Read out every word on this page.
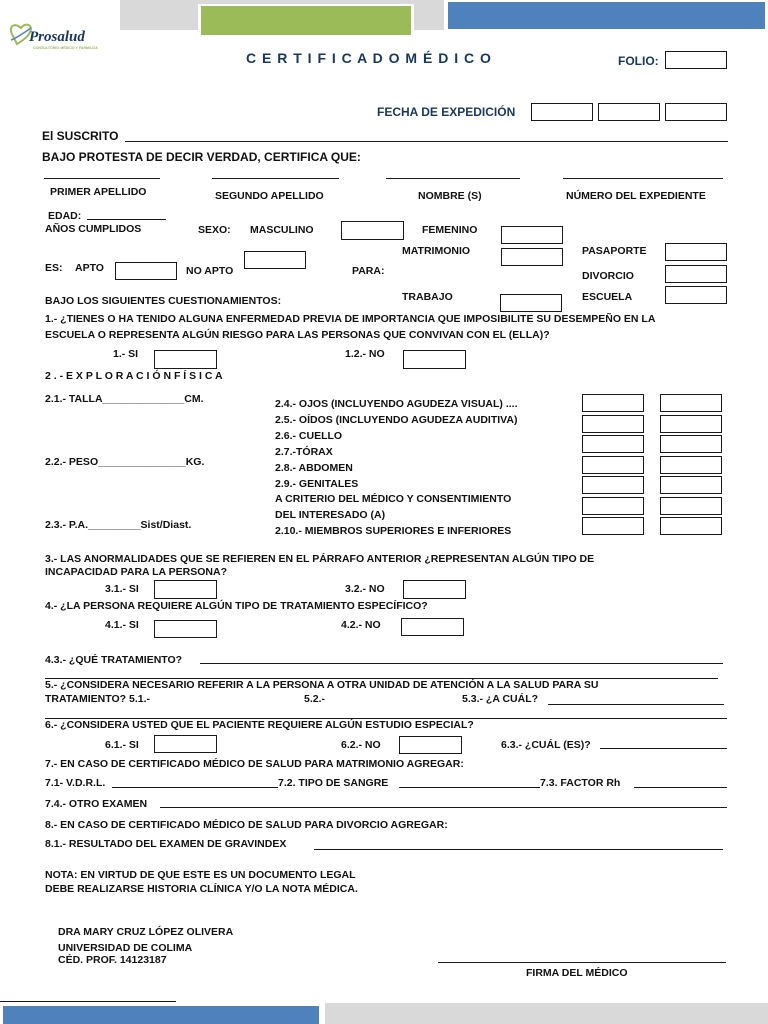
Prosalud
CONSULTORIO MÉDICO Y FARMACIA
C E R T I F I C A D O M É D I C O	FOLIO:
FECHA DE EXPEDICIÓN
El SUSCRITO
BAJO PROTESTA DE DECIR VERDAD, CERTIFICA QUE:
PRIMER APELLIDO	SEGUNDO APELLIDO	NOMBRE (S)	NÚMERO DEL EXPEDIENTE
EDAD:
AÑOS CUMPLIDOS	SEXO: MASCULINO	FEMENINO
ES: APTO	NO APTO	PARA:
MATRIMONIO
TRABAJO
PASAPORTE
DIVORCIO
ESCUELA
BAJO LOS SIGUIENTES CUESTIONAMIENTOS:
1.- ¿TIENES O HA TENIDO ALGUNA ENFERMEDAD PREVIA DE IMPORTANCIA QUE IMPOSIBILITE SU DESEMPEÑO EN LA
ESCUELA O REPRESENTA ALGÚN RIESGO PARA LAS PERSONAS QUE CONVIVAN CON EL (ELLA)?
1.- SI	1.2.- NO
2 . - E X P L O R A C I Ó N F Í S I C A
2.1.- TALLA______________CM.
2.2.- PESO_______________KG.
2.3.- P.A._________Sist/Diast.
2.4.- OJOS (INCLUYENDO AGUDEZA VISUAL) ....
2.5.- OÍDOS (INCLUYENDO AGUDEZA AUDITIVA)
2.6.- CUELLO
2.7.-TÓRAX
2.8.- ABDOMEN
2.9.- GENITALES
A CRITERIO DEL MÉDICO Y CONSENTIMIENTO
DEL INTERESADO (A)
2.10.- MIEMBROS SUPERIORES E INFERIORES
3.- LAS ANORMALIDADES QUE SE REFIEREN EN EL PÁRRAFO ANTERIOR ¿REPRESENTAN ALGÚN TIPO DE
INCAPACIDAD PARA LA PERSONA?
3.1.- SI	3.2.- NO
4.- ¿LA PERSONA REQUIERE ALGÚN TIPO DE TRATAMIENTO ESPECÍFICO?
4.1.- SI	4.2.- NO
4.3.- ¿QUÉ TRATAMIENTO?
5.- ¿CONSIDERA NECESARIO REFERIR A LA PERSONA A OTRA UNIDAD DE ATENCIÓN A LA SALUD PARA SU
TRATAMIENTO? 5.1.-	5.2.-	5.3.- ¿A CUÁL?
6.- ¿CONSIDERA USTED QUE EL PACIENTE REQUIERE ALGÚN ESTUDIO ESPECIAL?
6.1.- SI	6.2.- NO	6.3.- ¿CUÁL (ES)?
7.- EN CASO DE CERTIFICADO MÉDICO DE SALUD PARA MATRIMONIO AGREGAR:
7.1- V.D.R.L.	7.2. TIPO DE SANGRE	7.3. FACTOR Rh
7.4.- OTRO EXAMEN
8.- EN CASO DE CERTIFICADO MÉDICO DE SALUD PARA DIVORCIO AGREGAR:
8.1.- RESULTADO DEL EXAMEN DE GRAVINDEX
NOTA: EN VIRTUD DE QUE ESTE ES UN DOCUMENTO LEGAL
DEBE REALIZARSE HISTORIA CLÍNICA Y/O LA NOTA MÉDICA.
DRA MARY CRUZ LÓPEZ OLIVERA
UNIVERSIDAD DE COLIMA
CÉD. PROF. 14123187
FIRMA DEL MÉDICO
